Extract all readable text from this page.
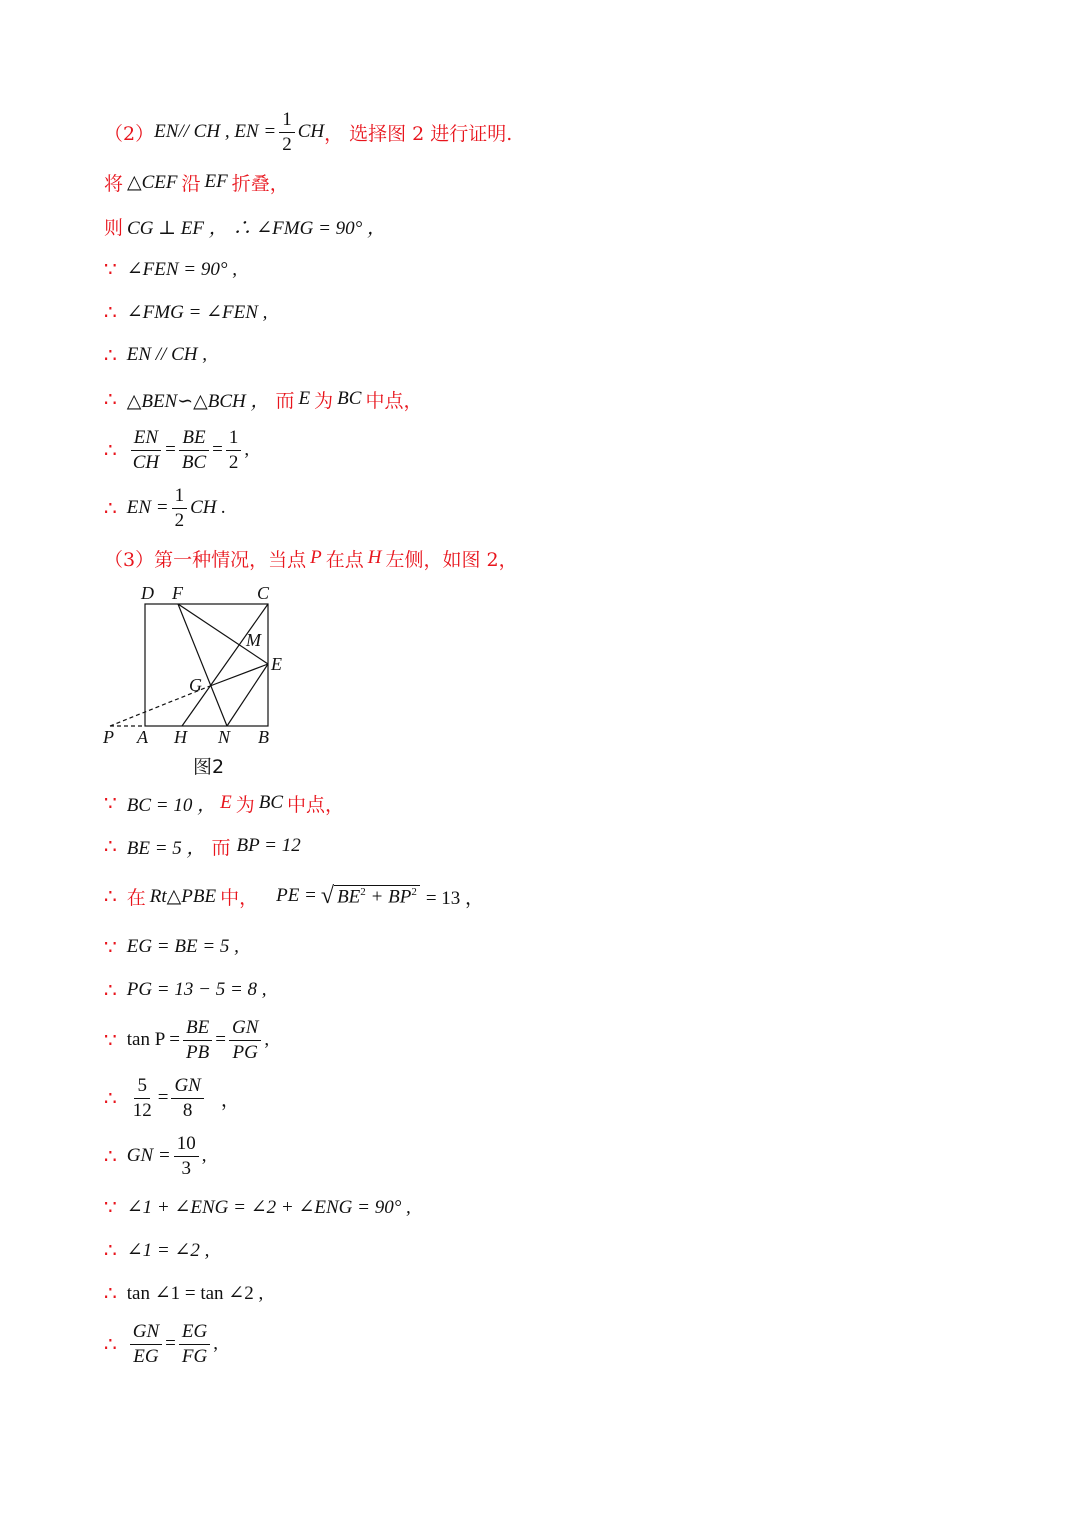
（2） EN// CH , EN = $\frac{1}{2}$ CH ， 选择图 2 进行证明.
将 △CEF 沿 EF 折叠，
则 CG ⊥ EF ， ∴ ∠FMG = 90° ，
∵ ∠FEN = 90° ,
∴ ∠FMG = ∠FEN ,
∴ EN // CH ,
∴ △BEN∽△BCH ， 而 E 为 BC 中点，
∴ $\frac{EN}{CH} = \frac{BE}{BC} = \frac{1}{2}$ ,
∴ EN = $\frac{1}{2}$ CH .
（3）第一种情况，当点 P 在点 H 左侧，如图 2，
D F	C
M
E
G
P A H N B
图2
∵ BC = 10 ， E 为 BC 中点，
∴ BE = 5 ， 而 BP = 12
∴ 在 Rt△PBE 中， PE = √ $BE^2 + BP^2 = 13$ ，
∵ EG = BE = 5 ,
∴ PG = 13 − 5 = 8 ,
∵ $\tan P = \frac{BE}{PB} = \frac{GN}{PG}$ ,
∴ $\frac{5}{12} = \frac{GN}{8}$ ，
∴ GN = $\frac{10}{3}$ ,
∵ ∠1 + ∠ENG = ∠2 + ∠ENG = 90° ,
∴ ∠1 = ∠2 ,
∴ tan ∠1 = tan ∠2 ,
∴ $\frac{GN}{EG} = \frac{EG}{FG}$ ,
